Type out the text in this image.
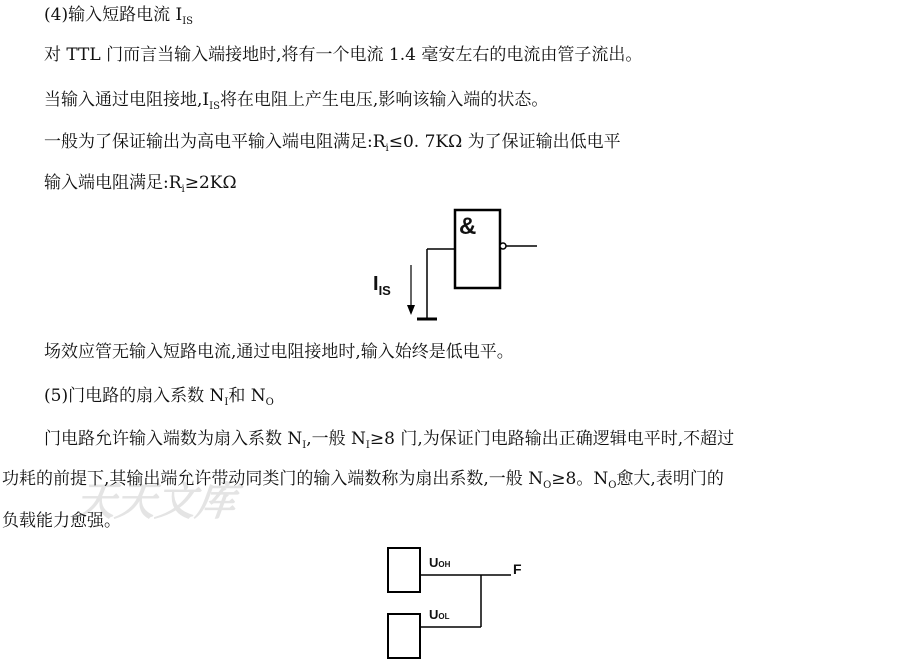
天天文库
(4)输入短路电流 $I_{IS}$
对 TTL 门而言当输入端接地时,将有一个电流 1.4 毫安左右的电流由管子流出。
当输入通过电阻接地$,I_{IS}$将在电阻上产生电压,影响该输入端的状态。
一般为了保证输出为高电平输入端电阻满足$:R_i\le 0$. 7KΩ 为了保证输出低电平
输入端电阻满足$:R_i\ge 2K\Omega$
&
$I_{IS}$
场效应管无输入短路电流,通过电阻接地时,输入始终是低电平。
(5)门电路的扇入系数 $N_I$和 $N_O$
门电路允许输入端数为扇入系数 $N_I$,一般 $N_I\ge 8$ 门,为保证门电路输出正确逻辑电平时,不超过
功耗的前提下,其输出端允许带动同类门的输入端数称为扇出系数,一般 $N_O\ge 8$。$N_O$愈大,表明门的
负载能力愈强。
UOH
UOL
F
